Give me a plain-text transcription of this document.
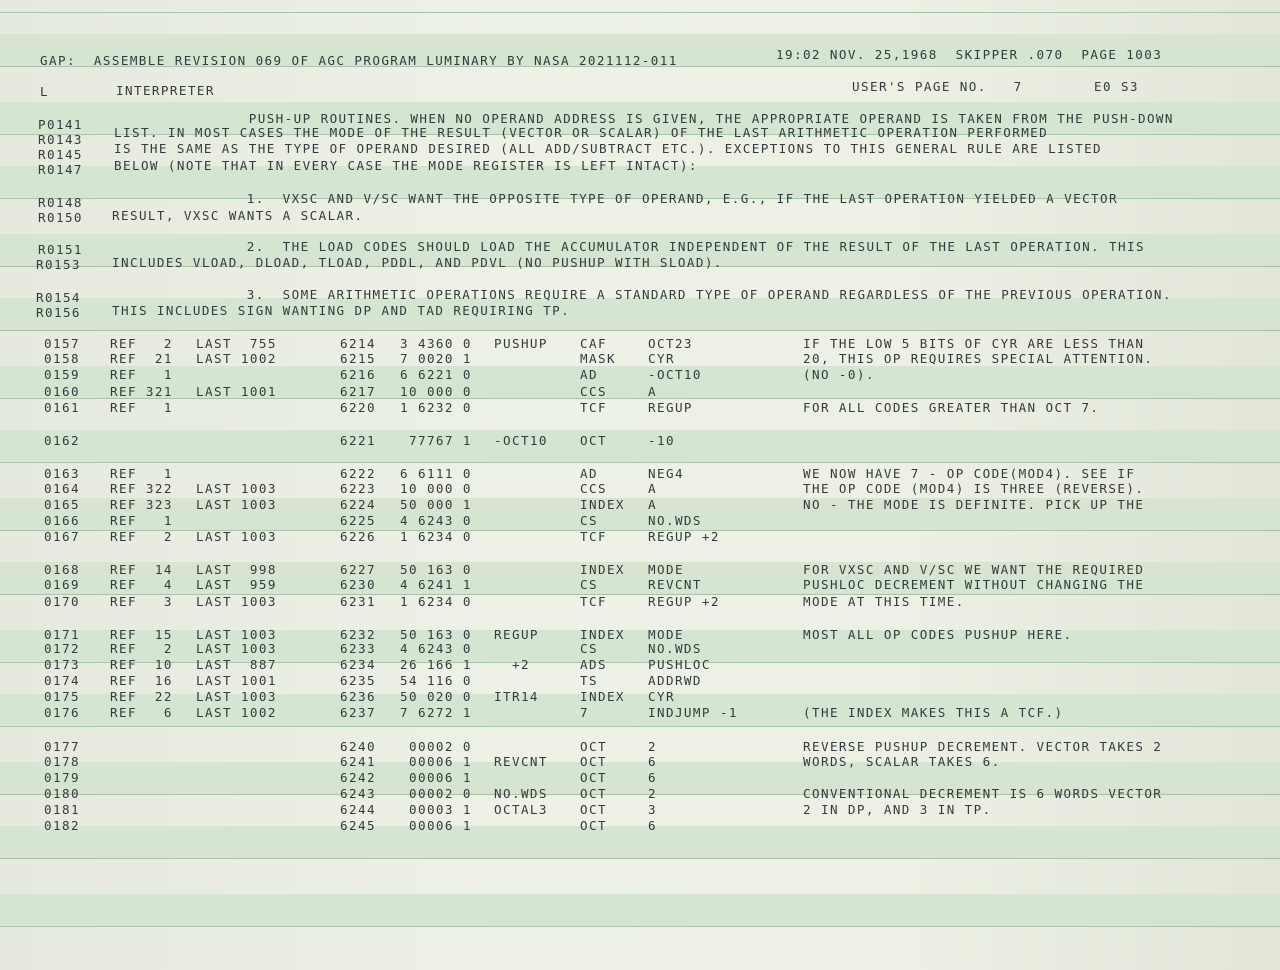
GAP:  ASSEMBLE REVISION 069 OF AGC PROGRAM LUMINARY BY NASA 2021112-011	19:02 NOV. 25,1968  SKIPPER .070  PAGE 1003
L	INTERPRETER	USER'S PAGE NO.   7	E0 S3
P0141 PUSH-UP ROUTINES. WHEN NO OPERAND ADDRESS IS GIVEN, THE APPROPRIATE OPERAND IS TAKEN FROM THE PUSH-DOWN
R0143 LIST. IN MOST CASES THE MODE OF THE RESULT (VECTOR OR SCALAR) OF THE LAST ARITHMETIC OPERATION PERFORMED
R0145 IS THE SAME AS THE TYPE OF OPERAND DESIRED (ALL ADD/SUBTRACT ETC.). EXCEPTIONS TO THIS GENERAL RULE ARE LISTED
R0147 BELOW (NOTE THAT IN EVERY CASE THE MODE REGISTER IS LEFT INTACT):
R0148 1.  VXSC AND V/SC WANT THE OPPOSITE TYPE OF OPERAND, E.G., IF THE LAST OPERATION YIELDED A VECTOR
R0150 RESULT, VXSC WANTS A SCALAR.
R0151 2.  THE LOAD CODES SHOULD LOAD THE ACCUMULATOR INDEPENDENT OF THE RESULT OF THE LAST OPERATION. THIS
R0153 INCLUDES VLOAD, DLOAD, TLOAD, PDDL, AND PDVL (NO PUSHUP WITH SLOAD).
R0154 3.  SOME ARITHMETIC OPERATIONS REQUIRE A STANDARD TYPE OF OPERAND REGARDLESS OF THE PREVIOUS OPERATION.
R0156 THIS INCLUDES SIGN WANTING DP AND TAD REQUIRING TP.
0157 REF   2 LAST  755	6214 3 4360 0 PUSHUP	CAF	OCT23	IF THE LOW 5 BITS OF CYR ARE LESS THAN
0158 REF  21 LAST 1002	6215 7 0020 1	MASK	CYR	20, THIS OP REQUIRES SPECIAL ATTENTION.
0159 REF   1	6216 6 6221 0	AD	-OCT10	(NO -0).
0160 REF 321 LAST 1001	6217 10 000 0	CCS	A
0161 REF   1	6220 1 6232 0	TCF	REGUP	FOR ALL CODES GREATER THAN OCT 7.
0162	6221 77767 1 -OCT10	OCT	-10
0163 REF   1	6222 6 6111 0	AD	NEG4	WE NOW HAVE 7 - OP CODE(MOD4). SEE IF
0164 REF 322 LAST 1003	6223 10 000 0	CCS	A	THE OP CODE (MOD4) IS THREE (REVERSE).
0165 REF 323 LAST 1003	6224 50 000 1	INDEX A	NO - THE MODE IS DEFINITE. PICK UP THE
0166 REF   1	6225 4 6243 0	CS	NO.WDS
0167 REF   2 LAST 1003	6226 1 6234 0	TCF	REGUP +2
0168 REF  14 LAST  998	6227 50 163 0	INDEX MODE	FOR VXSC AND V/SC WE WANT THE REQUIRED
0169 REF   4 LAST  959	6230 4 6241 1	CS	REVCNT	PUSHLOC DECREMENT WITHOUT CHANGING THE
0170 REF   3 LAST 1003	6231 1 6234 0	TCF	REGUP +2	MODE AT THIS TIME.
0171 REF  15 LAST 1003	6232 50 163 0 REGUP	INDEX MODE	MOST ALL OP CODES PUSHUP HERE.
0172 REF   2 LAST 1003	6233 4 6243 0	CS	NO.WDS
0173 REF  10 LAST  887	6234 26 166 1 +2	ADS	PUSHLOC
0174 REF  16 LAST 1001	6235 54 116 0	TS	ADDRWD
0175 REF  22 LAST 1003	6236 50 020 0 ITR14	INDEX CYR
0176 REF   6 LAST 1002	6237 7 6272 1	7	INDJUMP -1	(THE INDEX MAKES THIS A TCF.)
0177	6240 00002 0	OCT	2	REVERSE PUSHUP DECREMENT. VECTOR TAKES 2
0178	6241 00006 1 REVCNT	OCT	6	WORDS, SCALAR TAKES 6.
0179	6242 00006 1	OCT	6
0180	6243 00002 0 NO.WDS	OCT	2	CONVENTIONAL DECREMENT IS 6 WORDS VECTOR
0181	6244 00003 1 OCTAL3	OCT	3	2 IN DP, AND 3 IN TP.
0182	6245 00006 1	OCT	6
